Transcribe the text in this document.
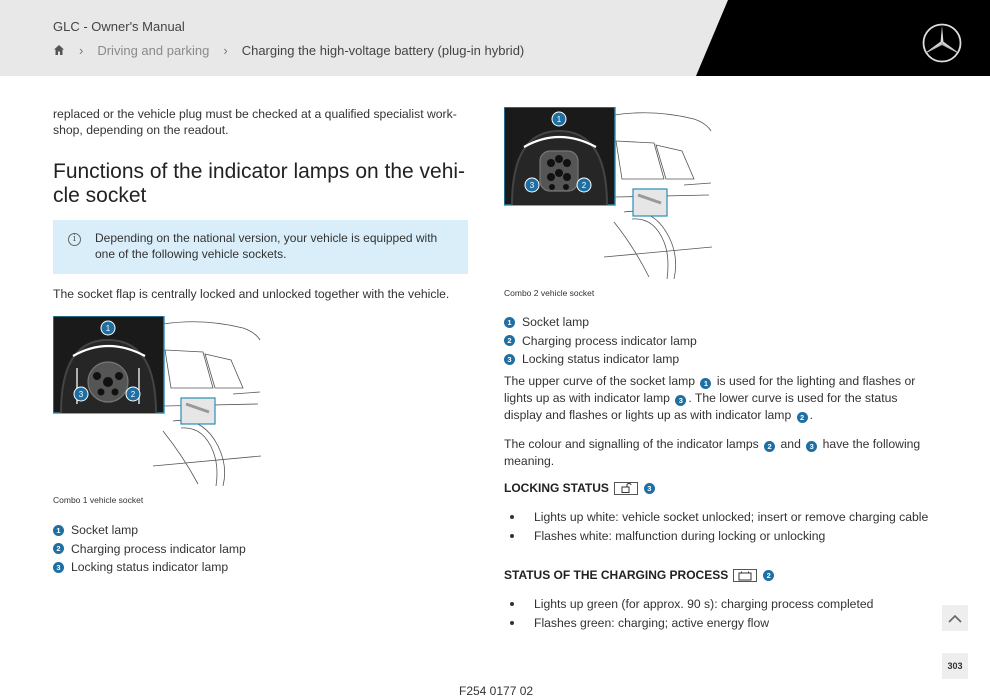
GLC - Owner's Manual
› Driving and parking › Charging the high-voltage battery (plug-in hybrid)
replaced or the vehicle plug must be checked at a qualified specialist work-shop, depending on the readout.
Functions of the indicator lamps on the vehi-cle socket
i	Depending on the national version, your vehicle is equipped with one of the following vehicle sockets.
The socket flap is centrally locked and unlocked together with the vehicle.
1
3	2
Combo 1 vehicle socket
1 Socket lamp
2 Charging process indicator lamp
3 Locking status indicator lamp
1
3	2
Combo 2 vehicle socket
1 Socket lamp
2 Charging process indicator lamp
3 Locking status indicator lamp

The upper curve of the socket lamp 1 is used for the lighting and flashes or lights up as with indicator lamp 3 . The lower curve is used for the status display and flashes or lights up as with indicator lamp 2 .

The colour and signalling of the indicator lamps 2 and 3 have the following meaning.

LOCKING STATUS	3
Lights up white: vehicle socket unlocked; insert or remove charging cable
Flashes white: malfunction during locking or unlocking
STATUS OF THE CHARGING PROCESS	2
Lights up green (for approx. 90 s): charging process completed
Flashes green: charging; active energy flow
F254 0177 02
303
